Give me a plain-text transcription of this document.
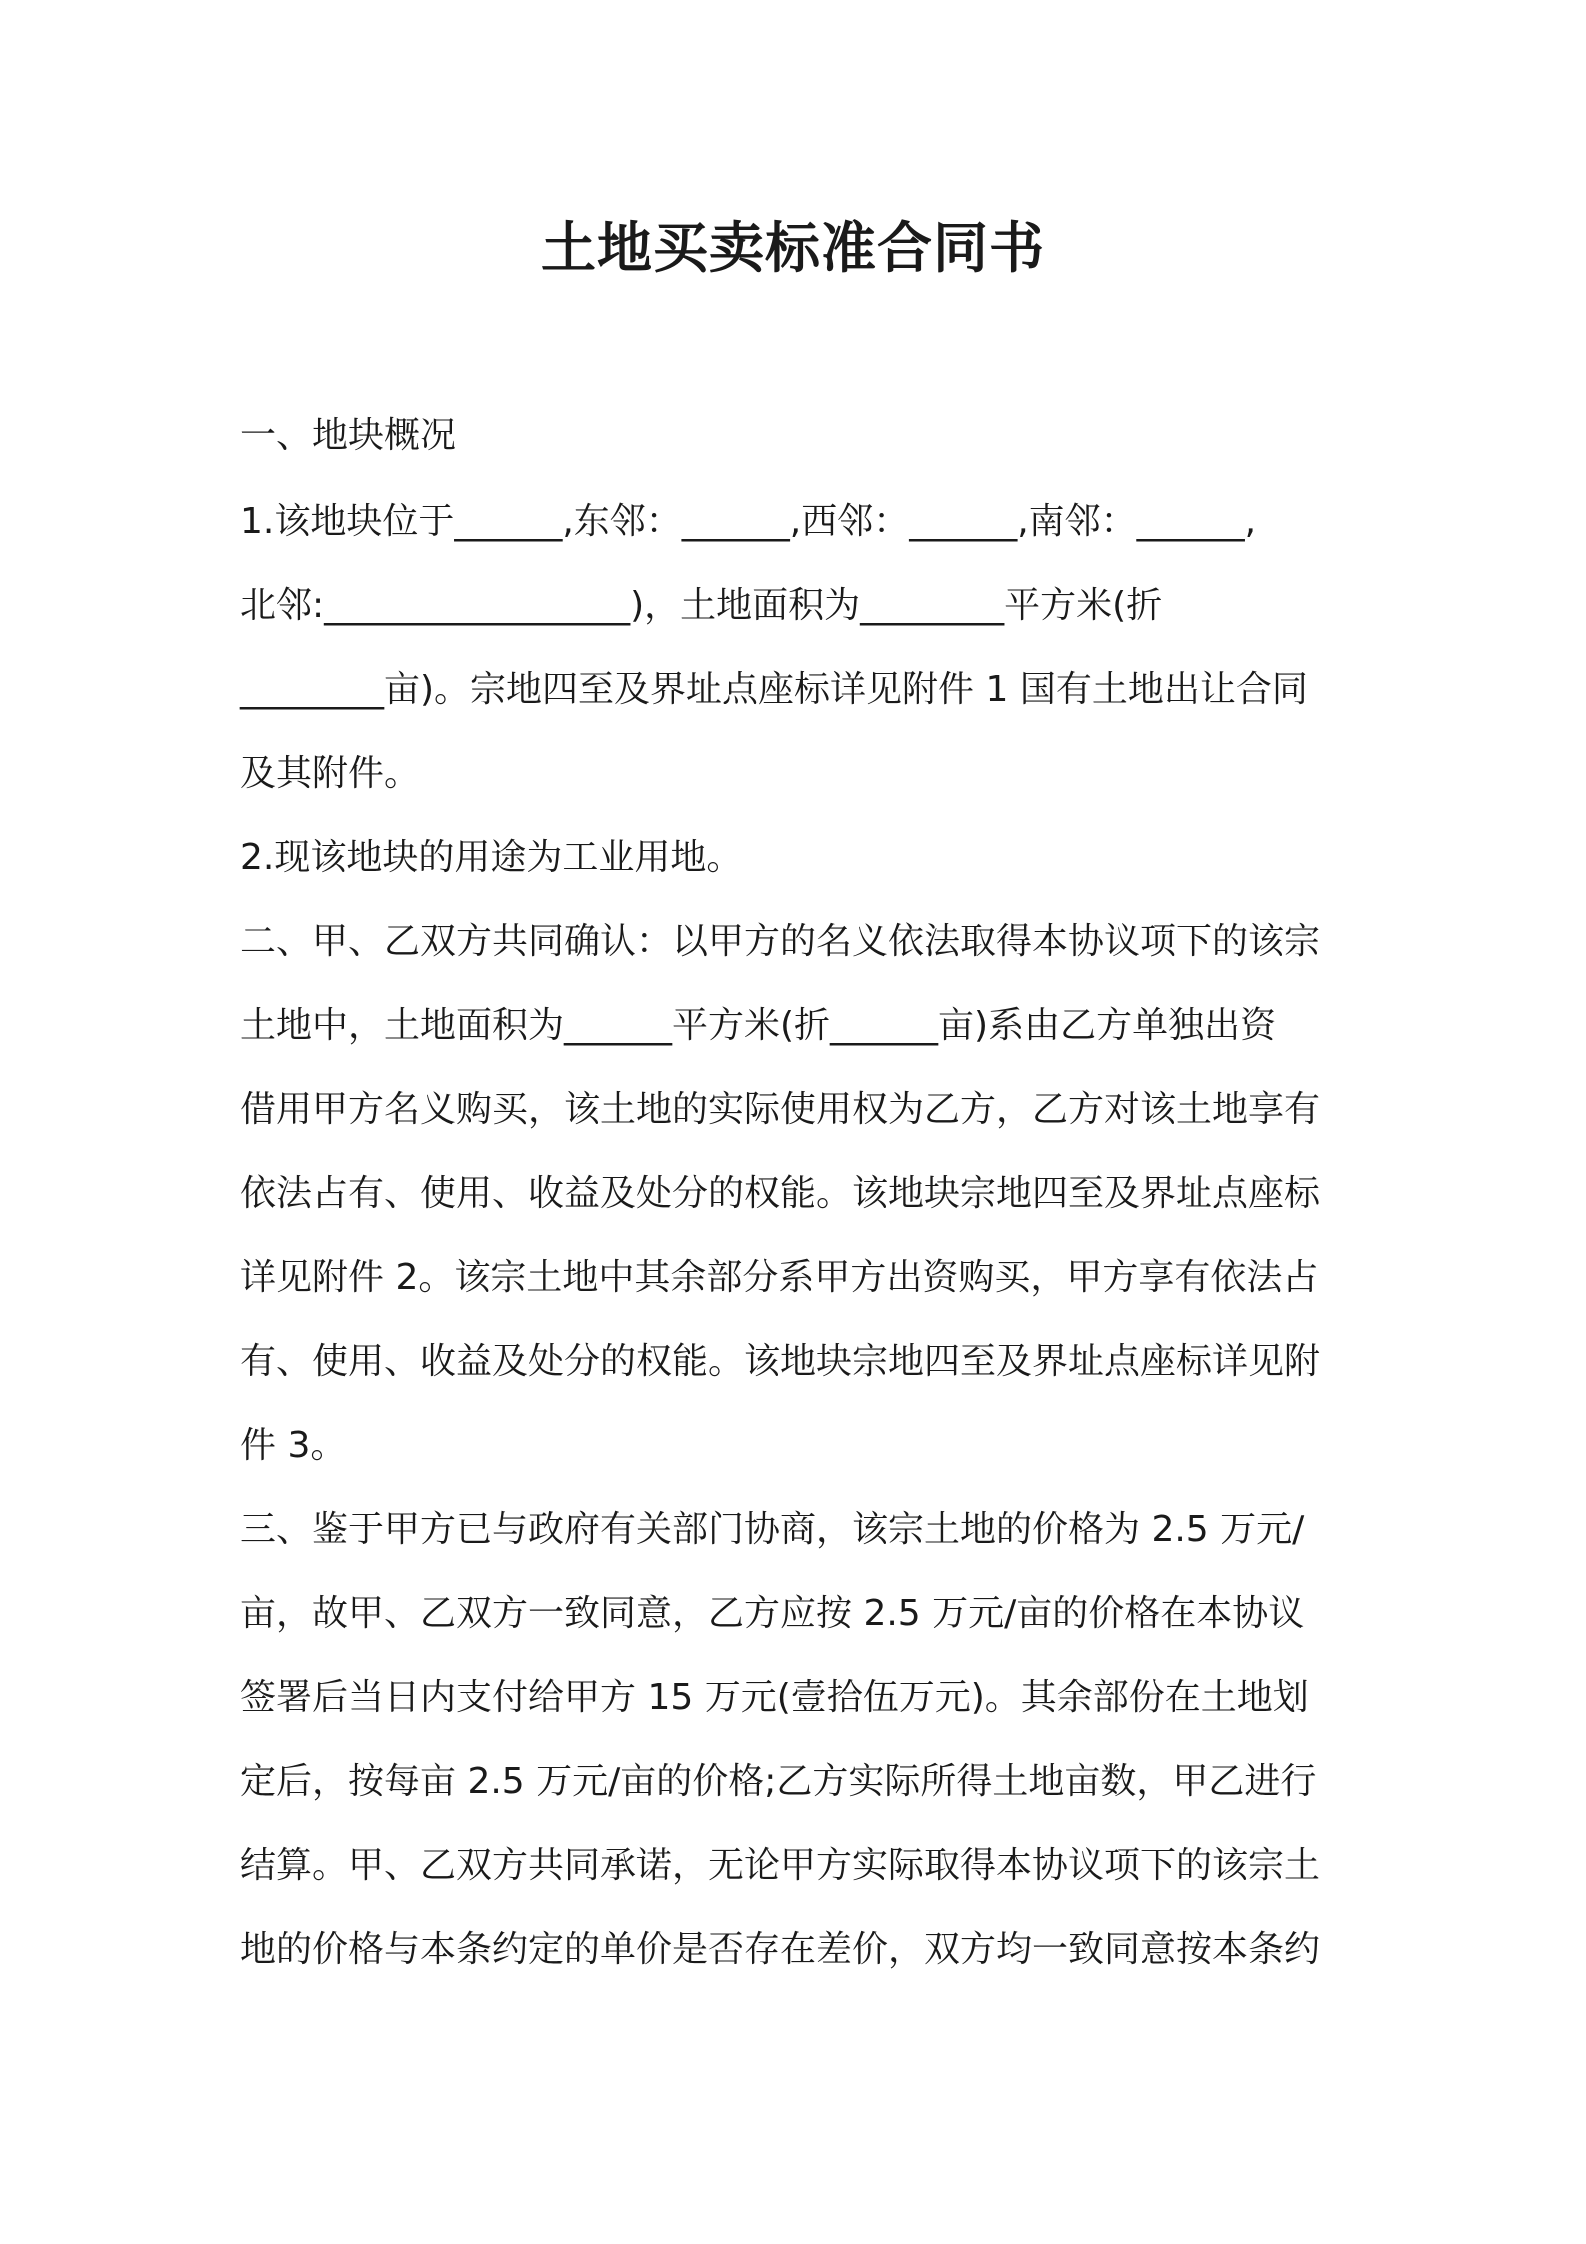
土地买卖标准合同书
一、地块概况
1.该地块位于______,东邻：______,西邻：______,南邻：______,
北邻:_________________)，土地面积为________平方米(折
________亩)。宗地四至及界址点座标详见附件 1 国有土地出让合同
及其附件。
2.现该地块的用途为工业用地。
二、甲、乙双方共同确认：以甲方的名义依法取得本协议项下的该宗
土地中，土地面积为______平方米(折______亩)系由乙方单独出资
借用甲方名义购买，该土地的实际使用权为乙方，乙方对该土地享有
依法占有、使用、收益及处分的权能。该地块宗地四至及界址点座标
详见附件 2。该宗土地中其余部分系甲方出资购买，甲方享有依法占
有、使用、收益及处分的权能。该地块宗地四至及界址点座标详见附
件 3。
三、鉴于甲方已与政府有关部门协商，该宗土地的价格为 2.5 万元/
亩，故甲、乙双方一致同意，乙方应按 2.5 万元/亩的价格在本协议
签署后当日内支付给甲方 15 万元(壹拾伍万元)。其余部份在土地划
定后，按每亩 2.5 万元/亩的价格;乙方实际所得土地亩数，甲乙进行
结算。甲、乙双方共同承诺，无论甲方实际取得本协议项下的该宗土
地的价格与本条约定的单价是否存在差价，双方均一致同意按本条约
